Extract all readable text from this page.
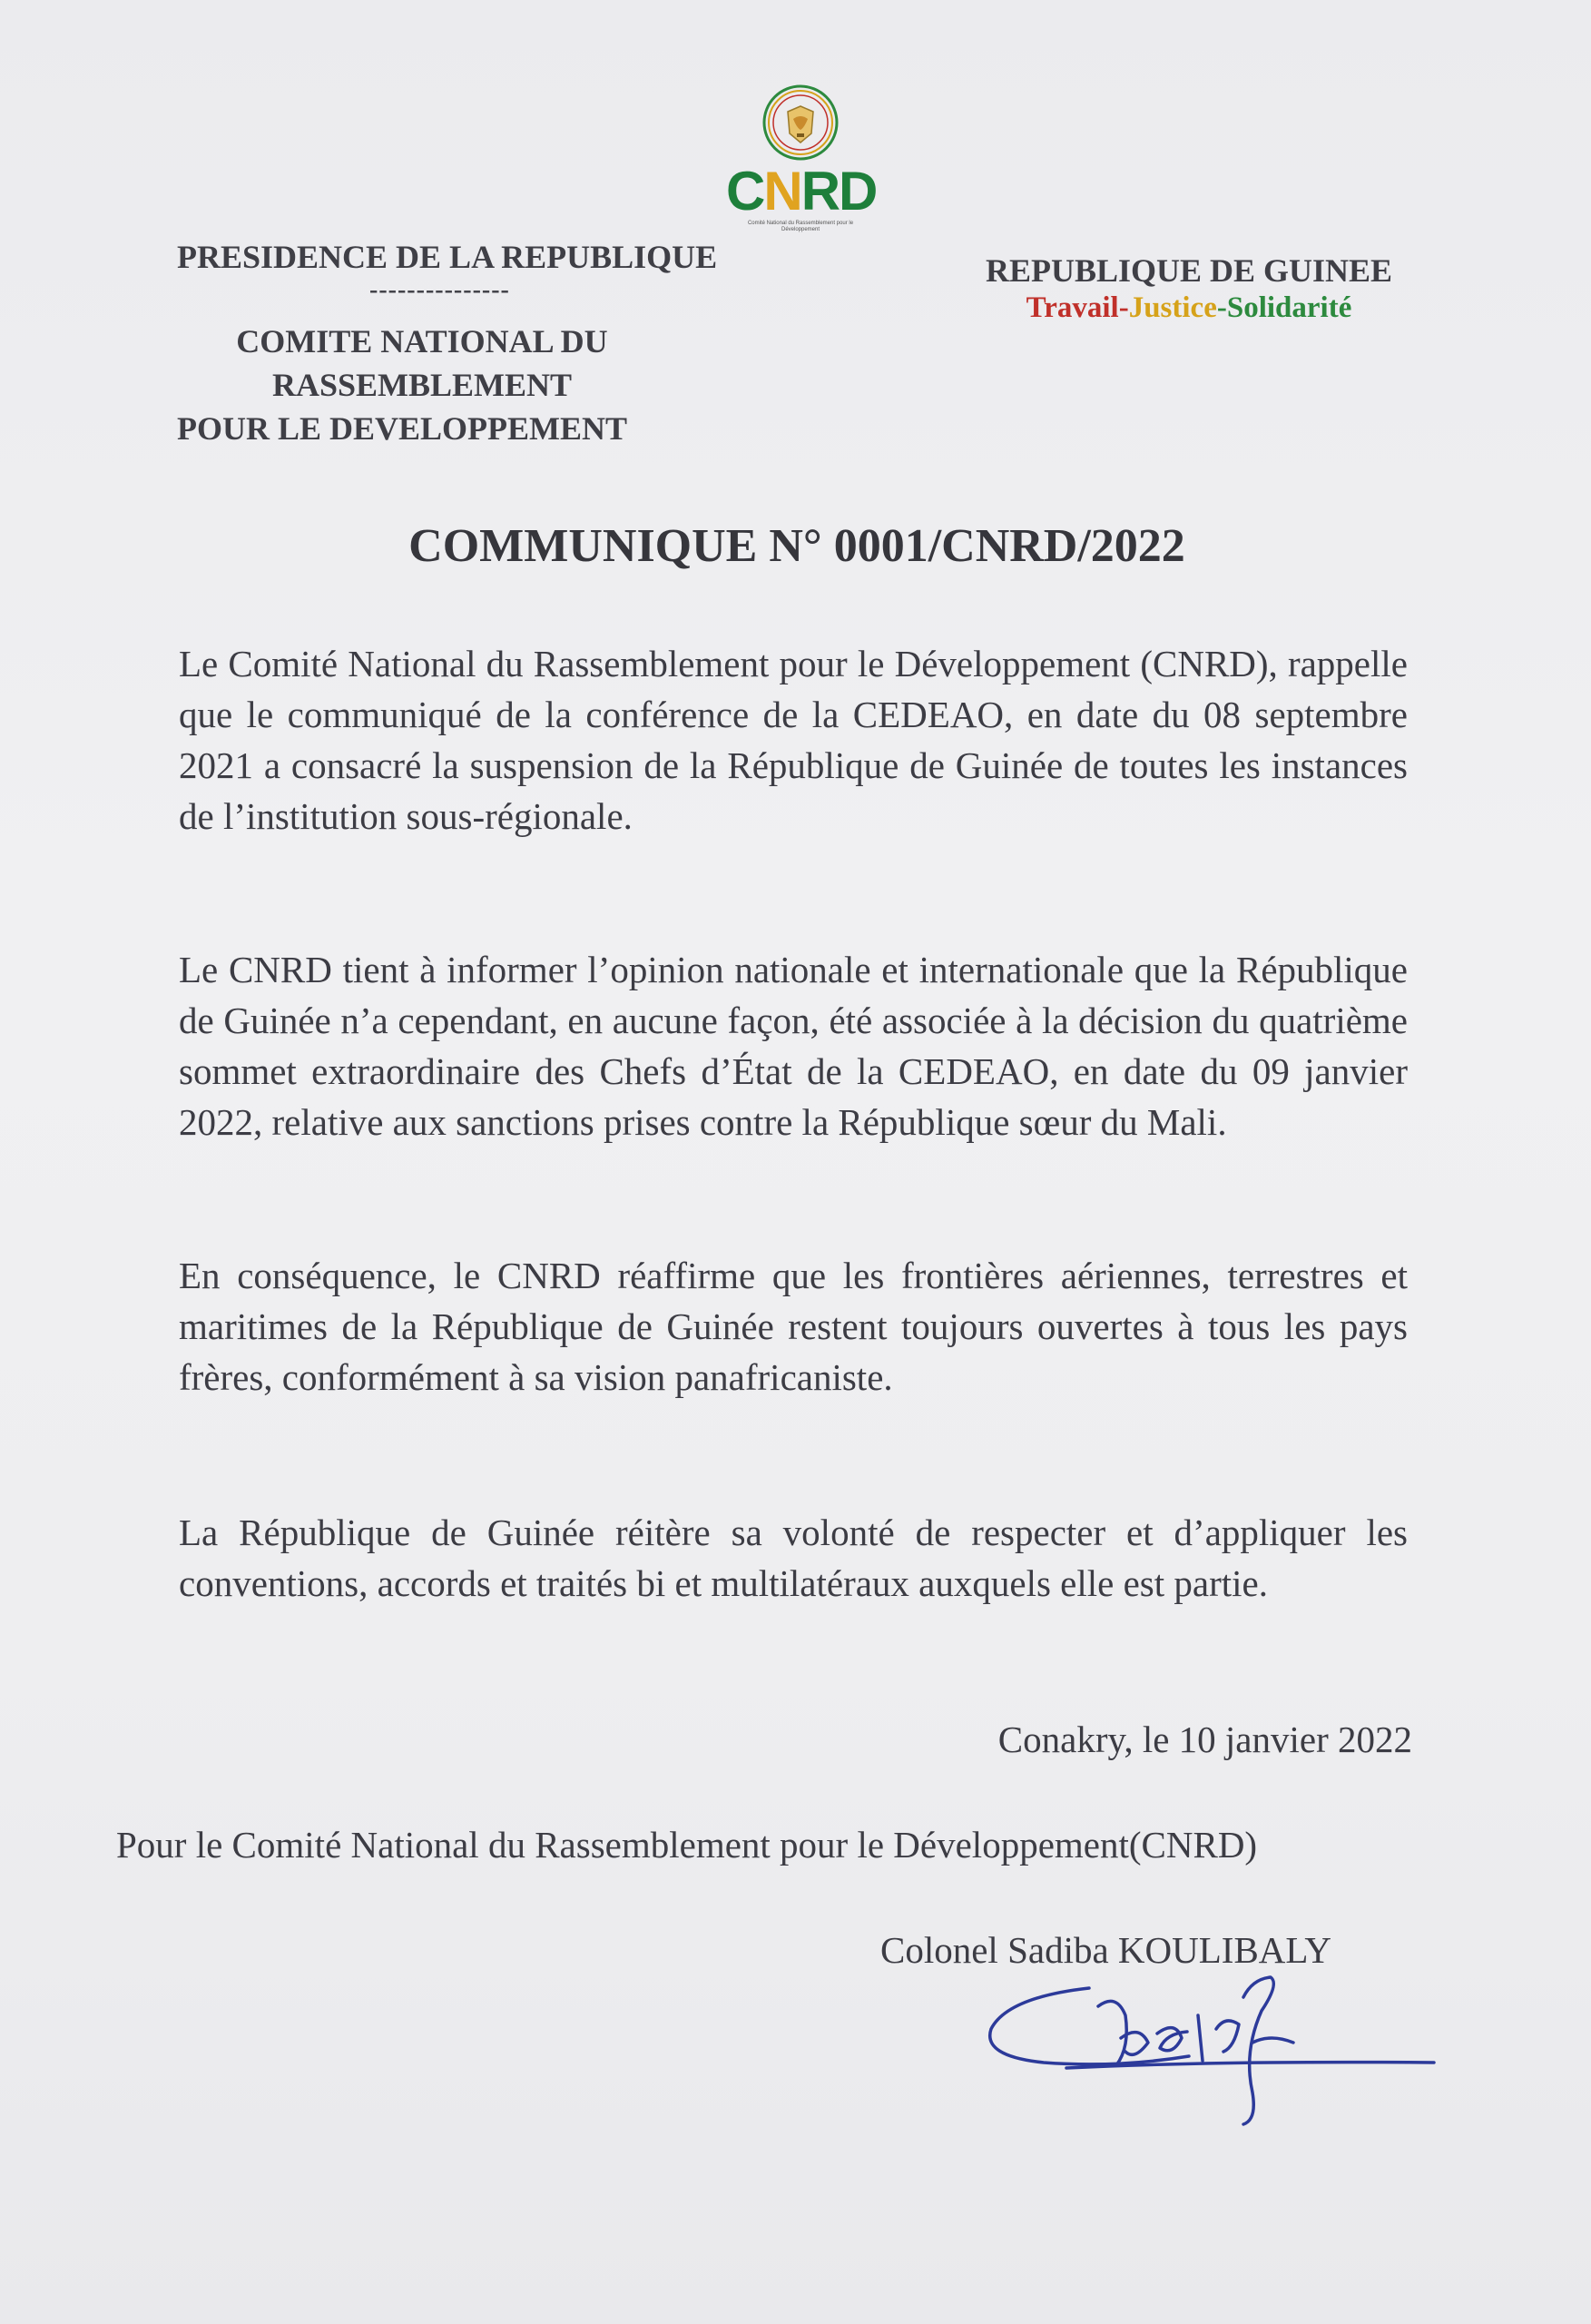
CNRD
Comité National du Rassemblement pour le Développement
PRESIDENCE DE LA REPUBLIQUE
---------------
COMITE NATIONAL DU
RASSEMBLEMENT
POUR LE DEVELOPPEMENT
REPUBLIQUE DE GUINEE
Travail-Justice-Solidarité
COMMUNIQUE N° 0001/CNRD/2022
Le Comité National du Rassemblement pour le Développement (CNRD), rappelle que le communiqué de la conférence de la CEDEAO, en date du 08 septembre 2021 a consacré la suspension de la République de Guinée de toutes les instances de l’institution sous-régionale.
Le CNRD tient à informer l’opinion nationale et internationale que la République de Guinée n’a cependant, en aucune façon, été associée à la décision du quatrième sommet extraordinaire des Chefs d’État de la CEDEAO, en date du 09 janvier 2022, relative aux sanctions prises contre la République sœur du Mali.
En conséquence, le CNRD réaffirme que les frontières aériennes, terrestres et maritimes de la République de Guinée restent toujours ouvertes à tous les pays frères, conformément à sa vision panafricaniste.
La République de Guinée réitère sa volonté de respecter et d’appliquer les conventions, accords et traités bi et multilatéraux auxquels elle est partie.
Conakry, le 10 janvier 2022
Pour le Comité National du Rassemblement pour le Développement(CNRD)
Colonel Sadiba KOULIBALY
